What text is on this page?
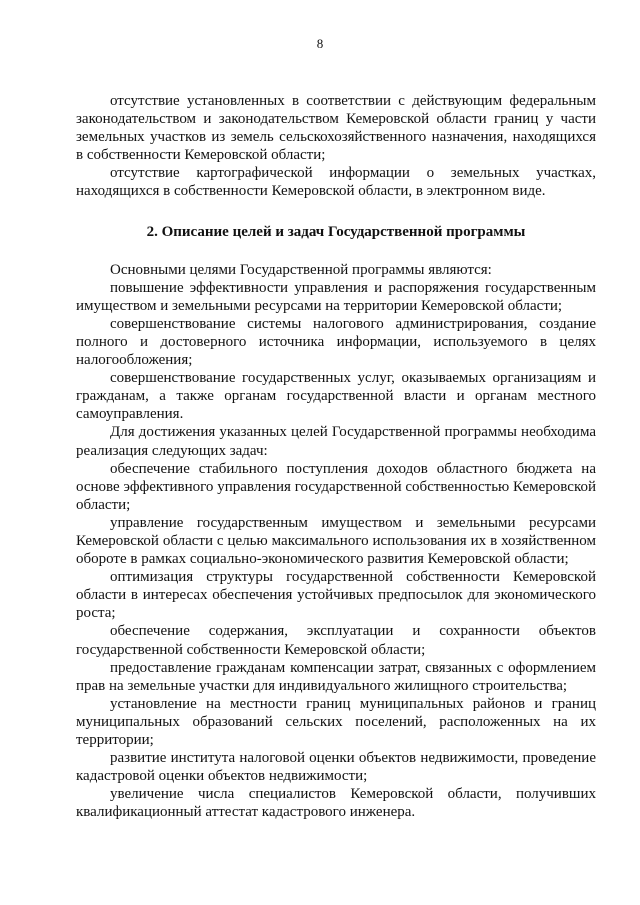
8

отсутствие установленных в соответствии с действующим федеральным законодательством и законодательством Кемеровской области границ у части земельных участков из земель сельскохозяйственного назначения, находящихся в собственности Кемеровской области;

отсутствие картографической информации о земельных участках, находящихся в собственности Кемеровской области, в электронном виде.

2. Описание целей и задач Государственной программы

Основными целями Государственной программы являются:

повышение эффективности управления и распоряжения государственным имуществом и земельными ресурсами на территории Кемеровской области;

совершенствование системы налогового администрирования, создание полного и достоверного источника информации, используемого в целях налогообложения;

совершенствование государственных услуг, оказываемых организациям и гражданам, а также органам государственной власти и органам местного самоуправления.

Для достижения указанных целей Государственной программы необходима реализация следующих задач:

обеспечение стабильного поступления доходов областного бюджета на основе эффективного управления государственной собственностью Кемеровской области;

управление государственным имуществом и земельными ресурсами Кемеровской области с целью максимального использования их в хозяйственном обороте в рамках социально-экономического развития Кемеровской области;

оптимизация структуры государственной собственности Кемеровской области в интересах обеспечения устойчивых предпосылок для экономического роста;

обеспечение содержания, эксплуатации и сохранности объектов государственной собственности Кемеровской области;

предоставление гражданам компенсации затрат, связанных с оформлением прав на земельные участки для индивидуального жилищного строительства;

установление на местности границ муниципальных районов и границ муниципальных образований сельских поселений, расположенных на их территории;

развитие института налоговой оценки объектов недвижимости, проведение кадастровой оценки объектов недвижимости;

увеличение числа специалистов Кемеровской области, получивших квалификационный аттестат кадастрового инженера.
